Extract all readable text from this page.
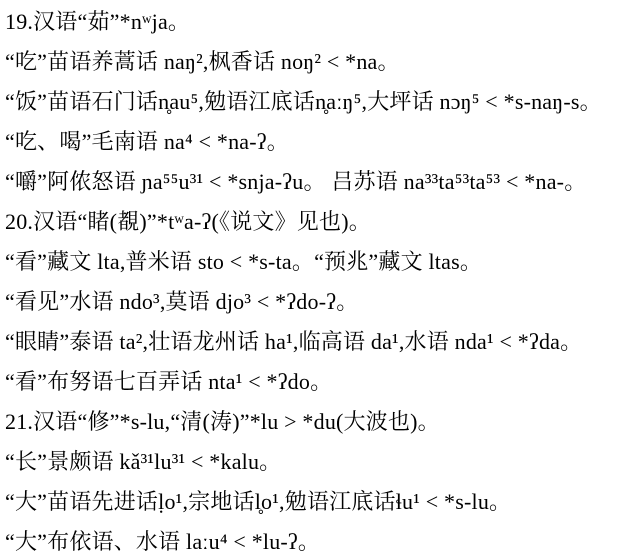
19.汉语“茹”*nʷja。

“吃”苗语养蒿话 naŋ²,枫香话 noŋ² < *na。

“饭”苗语石门话n̥au⁵,勉语江底话n̥aːŋ⁵,大坪话 nɔŋ⁵ < *s-naŋ-s。

“吃、喝”毛南语 na⁴ < *na-ʔ。

“嚼”阿侬怒语 ɲa⁵⁵u³¹ < *snja-ʔu。 吕苏语 na³³ta⁵³ta⁵³ < *na-。

20.汉语“睹(覩)”*tʷa-ʔ(《说文》见也)。

“看”藏文 lta,普米语 sto < *s-ta。“预兆”藏文 ltas。

“看见”水语 ndo³,莫语 djo³ < *ʔdo-ʔ。

“眼睛”泰语 ta²,壮语龙州话 ha¹,临高语 da¹,水语 nda¹ < *ʔda。

“看”布努语七百弄话 nta¹ < *ʔdo。

21.汉语“修”*s-lu,“清(涛)”*lu > *du(大波也)。

“长”景颇语 kǎ³¹lu³¹ < *kalu。

“大”苗语先进话ḷo¹,宗地话l̥o¹,勉语江底话ɬu¹ < *s-lu。

“大”布依语、水语 laːu⁴ < *lu-ʔ。
